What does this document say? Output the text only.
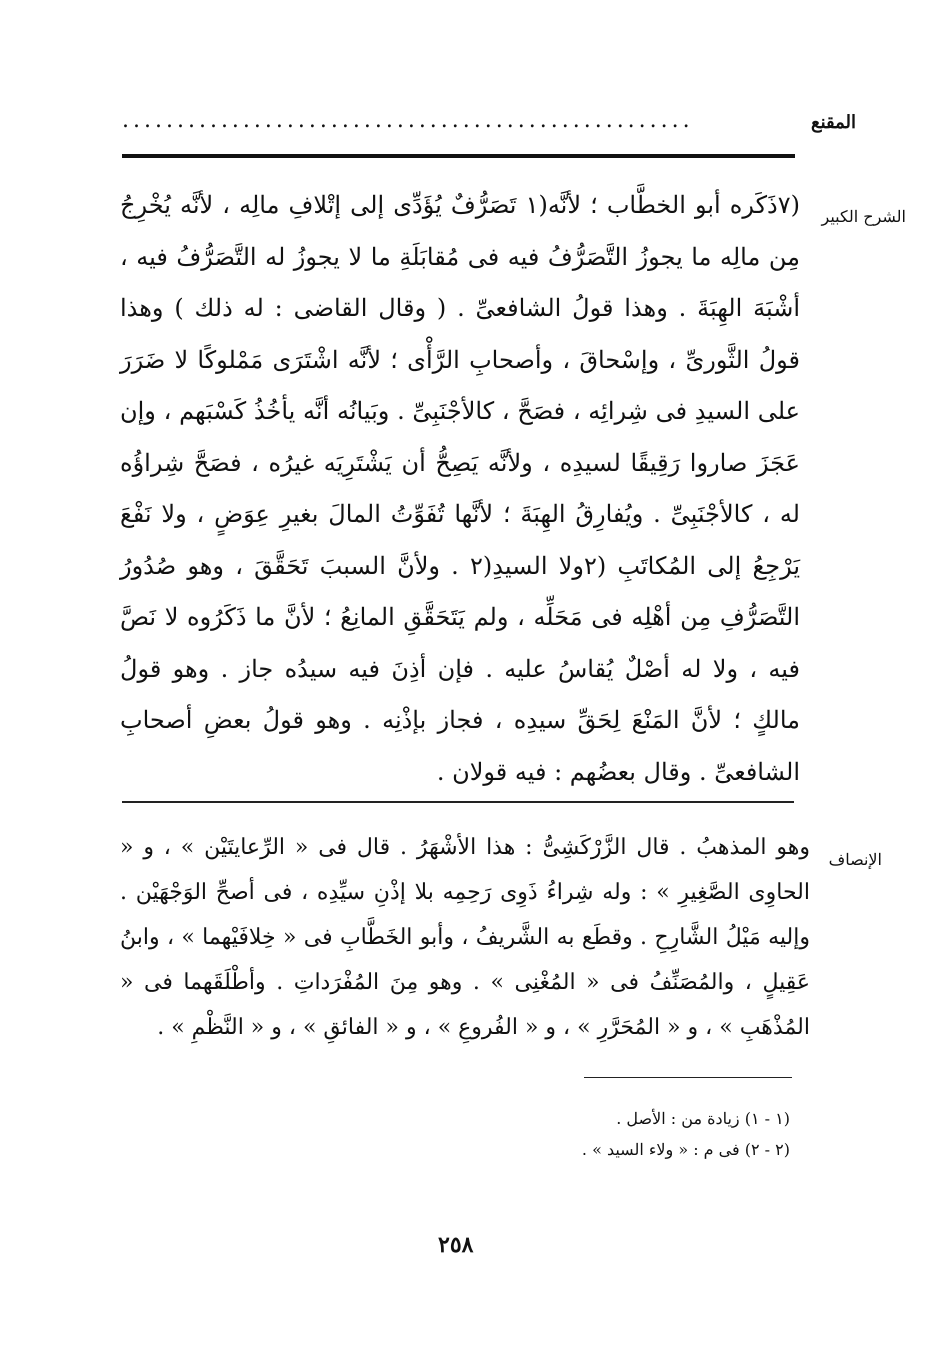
المقنع
....................................................
الشرح الكبير

(٧ذَكَره أبو الخطَّاب ؛ لأنَّه(١ تَصَرُّفٌ يُؤَدِّى إلى إتْلافِ مالِه ، لأنَّه يُخْرِجُ مِن مالِه ما يجوزُ التَّصَرُّفُ فيه فى مُقابَلَةِ ما لا يجوزُ له التَّصَرُّفُ فيه ، أشْبَهَ الهِبَةَ . وهذا قولُ الشافعىِّ . ( وقال القاضى : له ذلك ) وهذا قولُ الثَّورىِّ ، وإسْحاقَ ، وأصحابِ الرَّأْى ؛ لأنَّه اشْتَرَى مَمْلوكًا لا ضَرَرَ على السيدِ فى شِرائِه ، فصَحَّ ، كالأجْنَبِىِّ . وبَيانُه أنَّه يأخُذُ كَسْبَهم ، وإن عَجَزَ صاروا رَقِيقًا لسيدِه ، ولأنَّه يَصِحُّ أن يَشْتَرِيَه غيرُه ، فصَحَّ شِراؤُه له ، كالأجْنَبِىِّ . ويُفارِقُ الهِبَةَ ؛ لأنَّها تُفَوِّتُ المالَ بغيرِ عِوَضٍ ، ولا نَفْعَ يَرْجِعُ إلى المُكاتَبِ (٢ولا السيدِ(٢ . ولأنَّ السببَ تَحَقَّقَ ، وهو صُدُورُ التَّصَرُّفِ مِن أهْلِه فى مَحَلِّه ، ولم يَتَحَقَّقِ المانِعُ ؛ لأنَّ ما ذَكَرُوه لا نَصَّ فيه ، ولا له أصْلٌ يُقاسُ عليه . فإن أذِنَ فيه سيدُه جاز . وهو قولُ مالكٍ ؛ لأنَّ المَنْعَ لِحَقِّ سيدِه ، فجاز بإذْنِه . وهو قولُ بعضِ أصحابِ الشافعىِّ . وقال بعضُهم : فيه قولان .

الإنصاف

وهو المذهبُ . قال الزَّرْكَشِىُّ : هذا الأشْهَرُ . قال فى « الرِّعايتَيْن » ، و « الحاوِى الصَّغِيرِ » : وله شِراءُ ذَوِى رَحِمِه بلا إذْنِ سيِّدِه ، فى أصحِّ الوَجْهَيْن . وإليه مَيْلُ الشَّارِحِ . وقطَع به الشَّريفُ ، وأبو الخَطَّابِ فى « خِلافَيْهما » ، وابنُ عَقِيلٍ ، والمُصَنِّفُ فى « المُغْنِى » . وهو مِنَ المُفْرَداتِ . وأطْلَقَهما فى « المُذْهَبِ » ، و « المُحَرَّرِ » ، و « الفُروعِ » ، و « الفائقِ » ، و « النَّظْمِ » .

(١ - ١) زيادة من : الأصل .
(٢ - ٢) فى م : « ولاء السيد » .
٢٥٨
